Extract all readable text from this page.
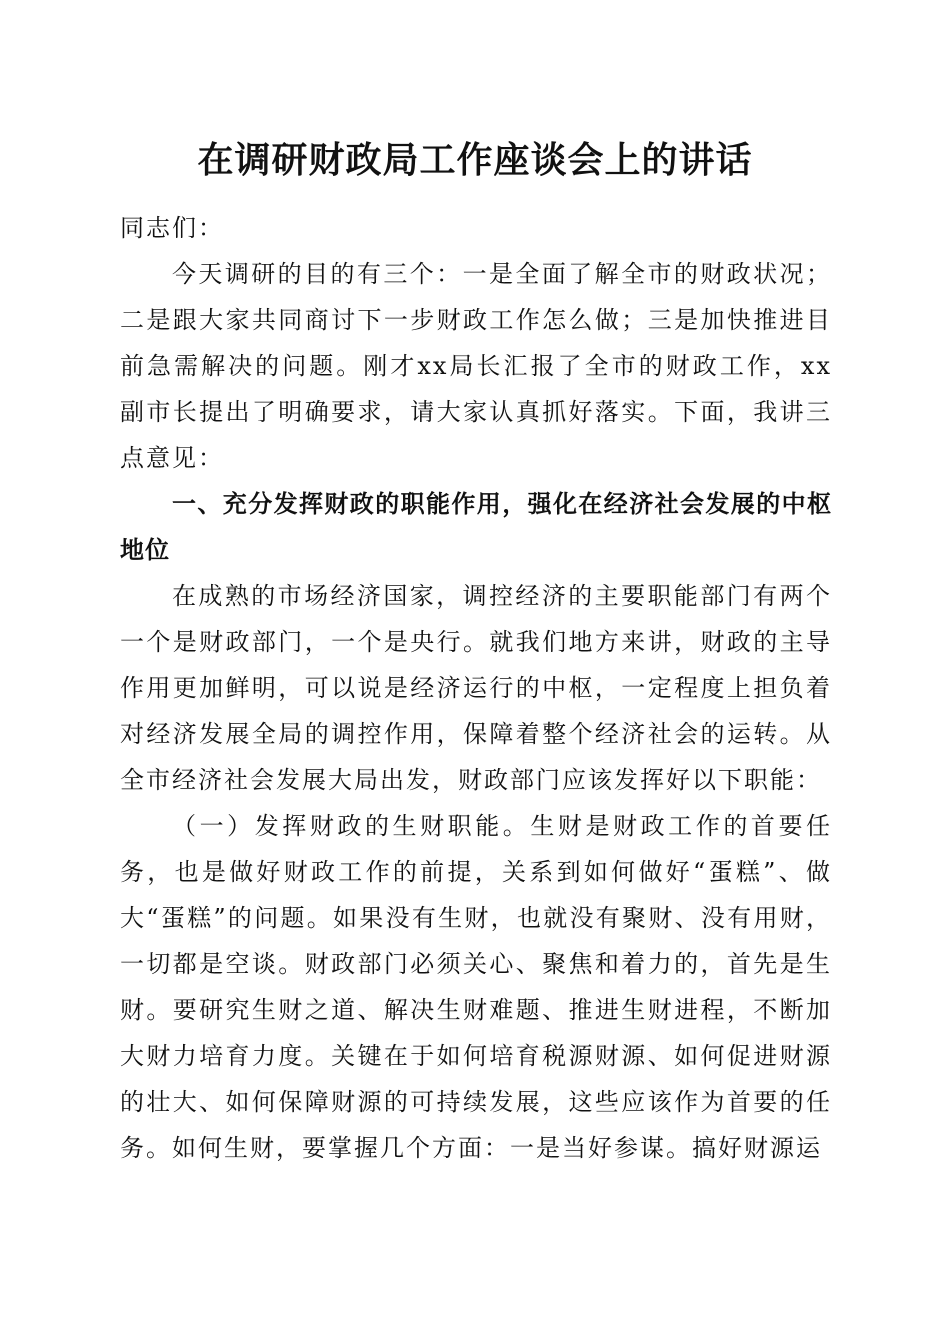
在调研财政局工作座谈会上的讲话

同志们：

今天调研的目的有三个：一是全面了解全市的财政状况；二是跟大家共同商讨下一步财政工作怎么做；三是加快推进目前急需解决的问题。刚才xx局长汇报了全市的财政工作，xx副市长提出了明确要求，请大家认真抓好落实。下面，我讲三点意见：

一、充分发挥财政的职能作用，强化在经济社会发展的中枢地位

在成熟的市场经济国家，调控经济的主要职能部门有两个一个是财政部门，一个是央行。就我们地方来讲，财政的主导作用更加鲜明，可以说是经济运行的中枢，一定程度上担负着对经济发展全局的调控作用，保障着整个经济社会的运转。从全市经济社会发展大局出发，财政部门应该发挥好以下职能：

（一）发挥财政的生财职能。生财是财政工作的首要任务，也是做好财政工作的前提，关系到如何做好“蛋糕”、做大“蛋糕”的问题。如果没有生财，也就没有聚财、没有用财，一切都是空谈。财政部门必须关心、聚焦和着力的，首先是生财。要研究生财之道、解决生财难题、推进生财进程，不断加大财力培育力度。关键在于如何培育税源财源、如何促进财源的壮大、如何保障财源的可持续发展，这些应该作为首要的任务。如何生财，要掌握几个方面：一是当好参谋。搞好财源运
